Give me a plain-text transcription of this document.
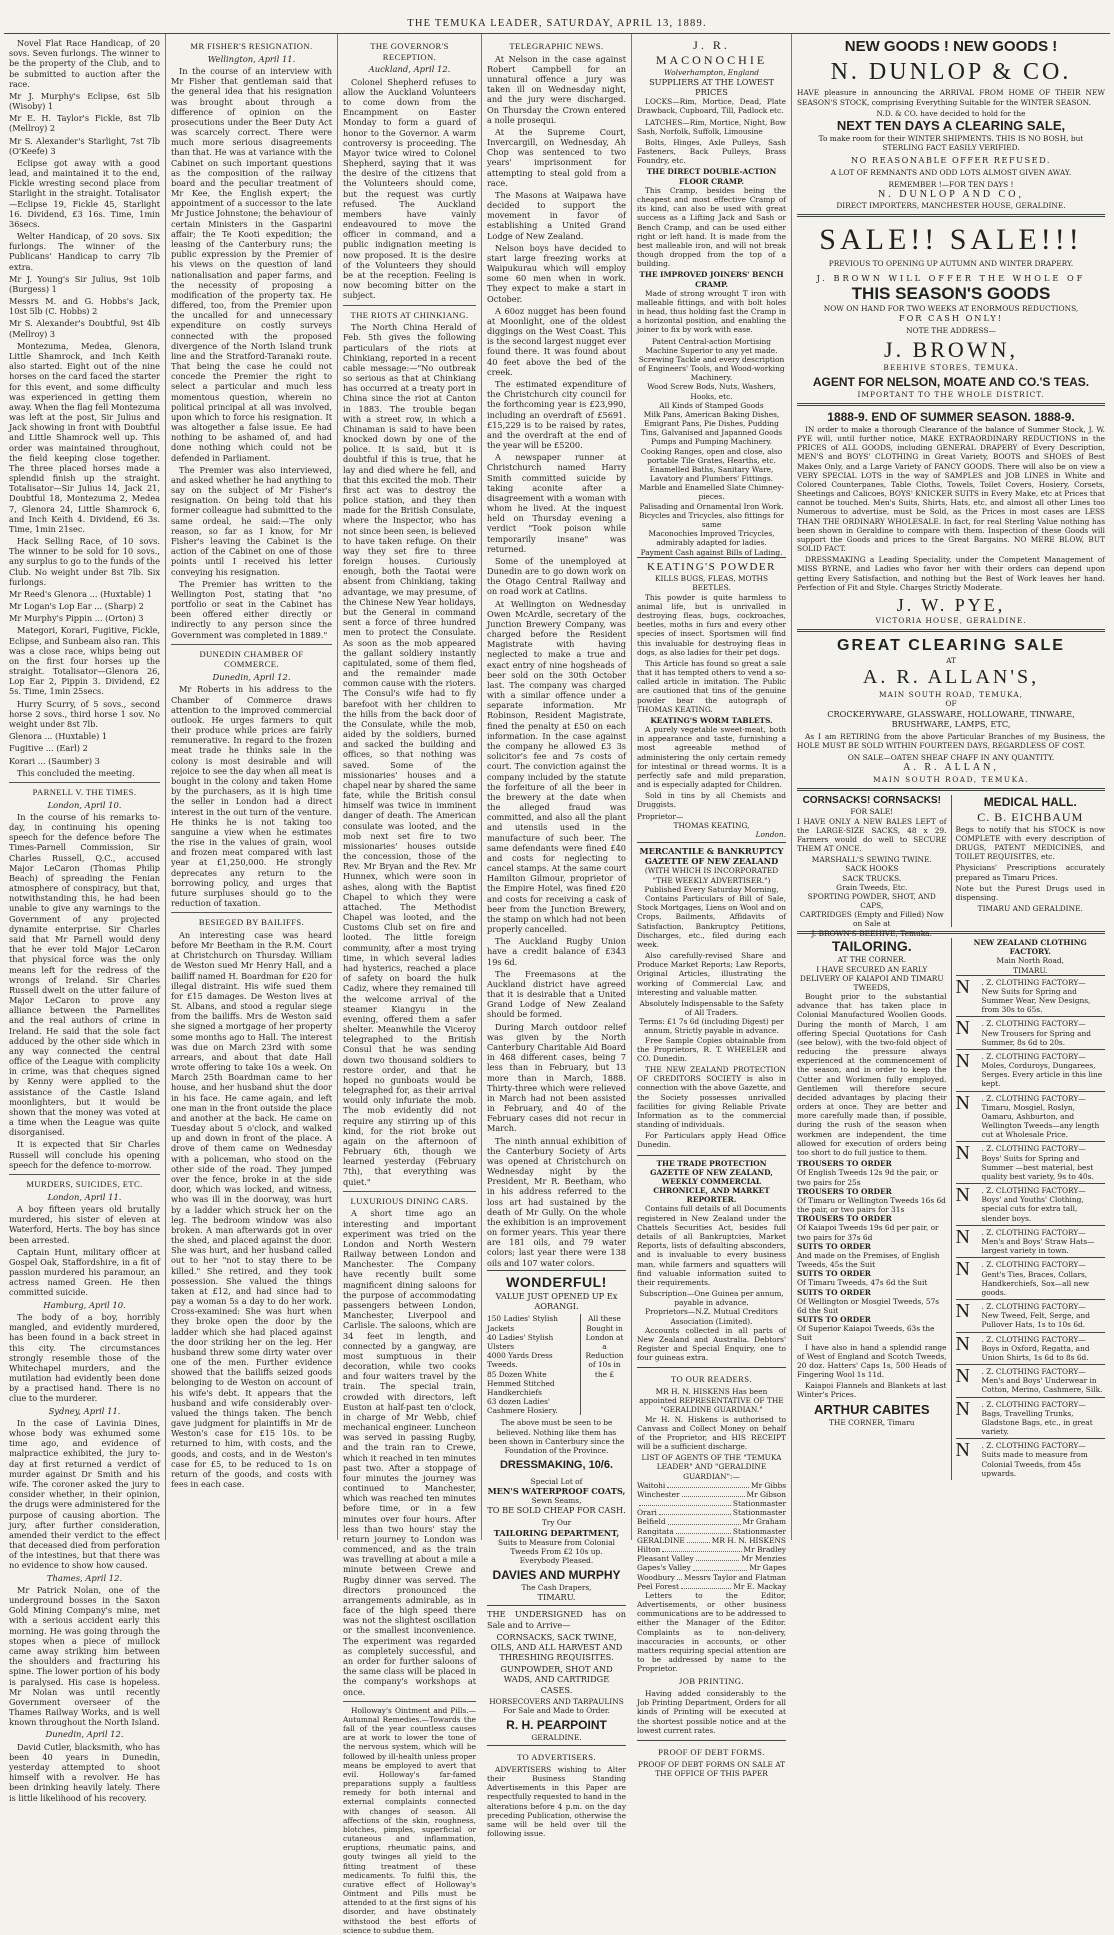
THE TEMUKA LEADER, SATURDAY, APRIL 13, 1889.

Novel Flat Race Handicap, of 20 sovs. Seven furlongs. The winner to be the property of the Club, and to be submitted to auction after the race.

Mr J. Murphy's Eclipse, 6st 5lb (Wisoby) 1

Mr E. H. Taylor's Fickle, 8st 7lb (Mellroy) 2

Mr S. Alexander's Starlight, 7st 7lb (O'Keefe) 3

Eclipse got away with a good lead, and maintained it to the end, Fickle wresting second place from Starlight in the straight. Totalisator—Eclipse 19, Fickle 45, Starlight 16. Dividend, £3 16s. Time, 1min 36secs.

Welter Handicap, of 20 sovs. Six furlongs. The winner of the Publicans' Handicap to carry 7lb extra.

Mr J. Young's Sir Julius, 9st 10lb (Burgess) 1

Messrs M. and G. Hobbs's Jack, 10st 5lb (C. Hobbs) 2

Mr S. Alexander's Doubtful, 9st 4lb (Mellroy) 3

Montezuma, Medea, Glenora, Little Shamrock, and Inch Keith also started. Eight out of the nine horses on the card faced the starter for this event, and some difficulty was experienced in getting them away. When the flag fell Montezuma was left at the post, Sir Julius and Jack showing in front with Doubtful and Little Shamrock well up. This order was maintained throughout, the field keeping close together. The three placed horses made a splendid finish up the straight. Totalisator—Sir Julius 14, Jack 21, Doubtful 18, Montezuma 2, Medea 7, Glenora 24, Little Shamrock 6, and Inch Keith 4. Dividend, £6 3s. Time, 1min 21sec.

Hack Selling Race, of 10 sovs. The winner to be sold for 10 sovs., any surplus to go to the funds of the Club. No weight under 8st 7lb. Six furlongs.

Mr Reed's Glenora ... (Huxtable) 1

Mr Logan's Lop Ear ... (Sharp) 2

Mr Murphy's Pippin ... (Orton) 3

Mategori, Korari, Fugitive, Fickle, Eclipse, and Sunbeam also ran. This was a close race, whips being out on the first four horses up the straight. Totalisator—Glenora 26, Lop Ear 2, Pippin 3. Dividend, £2 5s. Time, 1min 25secs.

Hurry Scurry, of 5 sovs., second horse 2 sovs., third horse 1 sov. No weight under 8st 7lb.

Glenora ... (Huxtable) 1

Fugitive ... (Earl) 2

Korari ... (Saumber) 3

This concluded the meeting.

PARNELL V. THE TIMES.
London, April 10.

In the course of his remarks to-day, in continuing his opening speech for the defence before The Times-Parnell Commission, Sir Charles Russell, Q.C., accused Major LeCaron (Thomas Philip Beach) of spreading the Fenian atmosphere of conspiracy, but that, notwithstanding this, he had been unable to give any warnings to the Government of any projected dynamite enterprise. Sir Charles said that Mr Parnell would deny that he ever told Major LeCaron that physical force was the only means left for the redress of the wrongs of Ireland. Sir Charles Russell dwelt on the utter failure of Major LeCaron to prove any alliance between the Parnellites and the real authors of crime in Ireland. He said that the sole fact adduced by the other side which in any way connected the central office of the League with complicity in crime, was that cheques signed by Kenny were applied to the assistance of the Castle Island moonlighters, but it would be shown that the money was voted at a time when the League was quite disorganised.

It is expected that Sir Charles Russell will conclude his opening speech for the defence to-morrow.

MURDERS, SUICIDES, ETC.
London, April 11.

A boy fifteen years old brutally murdered, his sister of eleven at Waterford, Herts. The boy has since been arrested.

Captain Hunt, military officer at Gospel Oak, Staffordshire, in a fit of passion murdered his paramour, an actress named Green. He then committed suicide.

Hamburg, April 10.

The body of a boy, horribly mangled, and evidently murdered, has been found in a back street in this city. The circumstances strongly resemble those of the Whitechapel murders, and the mutilation had evidently been done by a practised hand. There is no clue to the murderer.

Sydney, April 11.

In the case of Lavinia Dines, whose body was exhumed some time ago, and evidence of malpractice exhibited, the jury to-day at first returned a verdict of murder against Dr Smith and his wife. The coroner asked the jury to consider whether, in their opinion, the drugs were administered for the purpose of causing abortion. The jury, after further consideration, amended their verdict to the effect that deceased died from perforation of the intestines, but that there was no evidence to show how caused.

Thames, April 12.

Mr Patrick Nolan, one of the underground bosses in the Saxon Gold Mining Company's mine, met with a serious accident early this morning. He was going through the stopes when a piece of mullock came away striking him between the shoulders and fracturing his spine. The lower portion of his body is paralysed. His case is hopeless. Mr Nolan was until recently Government overseer of the Thames Railway Works, and is well known throughout the North Island.

Dunedin, April 12.

David Cutler, blacksmith, who has been 40 years in Dunedin, yesterday attempted to shoot himself with a revolver. He has been drinking heavily lately. There is little likelihood of his recovery.

MR FISHER'S RESIGNATION.
Wellington, April 11.

In the course of an interview with Mr Fisher that gentleman said that the general idea that his resignation was brought about through a difference of opinion on the prosecutions under the Beer Duty Act was scarcely correct. There were much more serious disagreements than that. He was at variance with the Cabinet on such important questions as the composition of the railway board and the peculiar treatment of Mr Kee, the English expert; the appointment of a successor to the late Mr Justice Johnstone; the behaviour of certain Ministers in the Gasparini affair; the Te Kooti expedition; the leasing of the Canterbury runs; the public expression by the Premier of his views on the question of land nationalisation and paper farms, and the necessity of proposing a modification of the property tax. He differed, too, from the Premier upon the uncalled for and unnecessary expenditure on costly surveys connected with the proposed divergence of the North Island trunk line and the Stratford-Taranaki route. That being the case he could not concede the Premier the right to select a particular and much less momentous question, wherein no political principal at all was involved, upon which to force his resignation. It was altogether a false issue. Ee had nothing to be ashamed of, and had done nothing which could not be defended in Parliament.

The Premier was also interviewed, and asked whether he had anything to say on the subject of Mr Fisher's resignation. On being told that his former colleague had submitted to the same ordeal, he said:—The only reason, so far as I know, for Mr Fisher's leaving the Cabinet is the action of the Cabinet on one of those points until I received his letter conveying his resignation.

The Premier has written to the Wellington Post, stating that "no portfolio or seat in the Cabinet has been offered either directly or indirectly to any person since the Government was completed in 1889."

DUNEDIN CHAMBER OF COMMERCE.
Dunedin, April 12.

Mr Roberts in his address to the Chamber of Commerce draws attention to the improved commercial outlook. He urges farmers to quit their produce while prices are fairly remunerative. In regard to the frozen meat trade he thinks sale in the colony is most desirable and will rejoice to see the day when all meat is bought in the colony and taken Home by the purchasers, as it is high time the seller in London had a direct interest in the out turn of the venture. He thinks he is not taking too sanguine a view when he estimates the rise in the values of grain, wool and frozen meat compared with last year at £1,250,000. He strongly deprecates any return to the borrowing policy, and urges that future surpluses should go to the reduction of taxation.

BESIEGED BY BAILIFFS.

An interesting case was heard before Mr Beetham in the R.M. Court at Christchurch on Thursday. William de Weston sued Mr Henry Hall, and a bailiff named H. Boardman for £20 for illegal distraint. His wife sued them for £15 damages. De Weston lives at St. Albans, and stood a regular siege from the bailiffs. Mrs de Weston said she signed a mortgage of her property some months ago to Hall. The interest was due on March 23rd with some arrears, and about that date Hall wrote offering to take 10s a week. On March 25th Boardman came to her house, and her husband shut the door in his face. He came again, and left one man in the front outside the place and another at the back. He came on Tuesday about 5 o'clock, and walked up and down in front of the place. A drove of them came on Wednesday with a policeman, who stood on the other side of the road. They jumped over the fence, broke in at the side door, which was locked, and witness, who was ill in the doorway, was hurt by a ladder which struck her on the leg. The bedroom window was also broken. A man afterwards got in over the shed, and placed against the door. She was hurt, and her husband called out to her "not to stay there to be killed." She retired, and they took possession. She valued the things taken at £12, and had since had to pay a woman 5s a day to do her work. Cross-examined: She was hurt when they broke open the door by the ladder which she had placed against the door striking her on the leg. Her husband threw some dirty water over one of the men. Further evidence showed that the bailiffs seized goods belonging to de Weston on account of his wife's debt. It appears that the husband and wife considerably over-valued the things taken. The bench gave judgment for plaintiffs in Mr de Weston's case for £15 10s. to be returned to him, with costs, and the goods, and costs, and in de Weston's case for £5, to be reduced to 1s on return of the goods, and costs with fees in each case.

THE GOVERNOR'S RECEPTION.
Auckland, April 12.

Colonel Shepherd refuses to allow the Auckland Volunteers to come down from the Encampment on Easter Monday to form a guard of honor to the Governor. A warm controversy is proceeding. The Mayor twice wired to Colonel Shepherd, saying that it was the desire of the citizens that the Volunteers should come, but the request was curtly refused. The Auckland members have vainly endeavoured to move the officer in command, and a public indignation meeting is now proposed. It is the desire of the Volunteers they should be at the reception. Feeling is now becoming bitter on the subject.

THE RIOTS AT CHINKIANG.

The North China Herald of Feb. 5th gives the following particulars of the riots at Chinkiang, reported in a recent cable message:—"No outbreak so serious as that at Chinkiang has occurred at a treaty port in China since the riot at Canton in 1883. The trouble began with a street row, in which a Chinaman is said to have been knocked down by one of the police. It is said, but it is doubtful if this is true, that he lay and died where he fell, and that this excited the mob. Their first act was to destroy the police station, and they then made for the British Consulate, where the Inspector, who has not since been seen, is believed to have taken refuge. On their way they set fire to three foreign houses. Curiously enough, both the Taotai were absent from Chinkiang, taking advantage, we may presume, of the Chinese New Year holidays, but the General in command sent a force of three hundred men to protect the Consulate. As soon as the mob appeared the gallant soldiery instantly capitulated, some of them fled, and the remainder made common cause with the rioters. The Consul's wife had to fly barefoot with her children to the hills from the back door of the Consulate, while the mob, aided by the soldiers, burned and sacked the building and offices, so that nothing was saved. Some of the missionaries' houses and a chapel near by shared the same fate, while the British consul himself was twice in imminent danger of death. The American consulate was looted, and the mob next set fire to two missionaries' houses outside the concession, those of the Rev. Mr Bryan and the Rev. Mr Hunnex, which were soon in ashes, along with the Baptist Chapel to which they were attached. The Methodist Chapel was looted, and the Customs Club set on fire and looted. The little foreign community, after a most trying time, in which several ladies had hysterics, reached a place of safety on board the hulk Cadiz, where they remained till the welcome arrival of the steamer Kiangyu in the evening, offered them a safer shelter. Meanwhile the Viceroy telegraphed to the British Consul that he was sending down two thousand soldiers to restore order, and that he hoped no gunboats would be telegraphed for, as their arrival would only infuriate the mob. The mob evidently did not require any stirring up of this kind, for the riot broke out again on the afternoon of February 6th, though we learned yesterday (February 7th), that everything was quiet."

LUXURIOUS DINING CARS.

A short time ago an interesting and important experiment was tried on the London and North Western Railway between London and Manchester. The Company have recently built some magnificent dining saloons for the purpose of accommodating passengers between London, Manchester, Liverpool and Carlisle. The saloons, which are 34 feet in length, and connected by a gangway, are most sumptuous in their decoration, while two cooks and four waiters travel by the train. The special train, crowded with directors, left Euston at half-past ten o'clock, in charge of Mr Webb, chief mechanical engineer. Luncheon was served in passing Rugby, and the train ran to Crewe, which it reached in ten minutes past two. After a stoppage of four minutes the journey was continued to Manchester, which was reached ten minutes before time, or in a few minutes over four hours. After less than two hours' stay the return journey to London was commenced, and as the train was travelling at about a mile a minute between Crewe and Rugby dinner was served. The directors pronounced the arrangements admirable, as in face of the high speed there was not the slightest oscillation or the smallest inconvenience. The experiment was regarded as completely successful, and an order for further saloons of the same class will be placed in the company's workshops at once.

Holloway's Ointment and Pills.—Autumnal Remedies.—Towards the fall of the year countless causes are at work to lower the tone of the nervous system, which will be followed by ill-health unless proper means be employed to avert that evil. Holloway's far-famed preparations supply a faultless remedy for both internal and external complaints connected with changes of season. All affections of the skin, roughness, blotches, pimples, superficial or cutaneous and inflammation, eruptions, rheumatic pains, and gouty twinges all yield to the fitting treatment of these medicaments. To fulfil this, the curative effect of Holloway's Ointment and Pills must be attended to at the first signs of his disorder, and have obstinately withstood the best efforts of science to subdue them.

TELEGRAPHIC NEWS.

At Nelson in the case against Robert Campbell for an unnatural offence a jury was taken ill on Wednesday night, and the jury were discharged. On Thursday the Crown entered a nolle prosequi.

At the Supreme Court, Invercargill, on Wednesday, Ah Chop was sentenced to two years' imprisonment for attempting to steal gold from a race.

The Masons at Waipawa have decided to support the movement in favor of establishing a United Grand Lodge of New Zealand.

Nelson boys have decided to start large freezing works at Waipukurau which will employ some 60 men when in work. They expect to make a start in October.

A 60oz nugget has been found at Moonlight, one of the oldest diggings on the West Coast. This is the second largest nugget ever found there. It was found about 40 feet above the bed of the creek.

The estimated expenditure of the Christchurch city council for the forthcoming year is £23,990, including an overdraft of £5691. £15,229 is to be raised by rates, and the overdraft at the end of the year will be £5200.

A newspaper runner at Christchurch named Harry Smith committed suicide by taking aconite after a disagreement with a woman with whom he lived. At the inquest held on Thursday evening a verdict "Took poison while temporarily insane" was returned.

Some of the unemployed at Dunedin are to go down work on the Otago Central Railway and on road work at Catlins.

At Wellington on Wednesday Owen McArdle, secretary of the Junction Brewery Company, was charged before the Resident Magistrate with having neglected to make a true and exact entry of nine hogsheads of beer sold on the 30th October last. The company was charged with a similar offence under a separate information. Mr Robinson, Resident Magistrate, fined the penalty at £50 on each information. In the case against the company he allowed £3 3s solicitor's fee and 7s costs of court. The conviction against the company included by the statute the forfeiture of all the beer in the brewery at the date when the alleged fraud was committed, and also all the plant and utensils used in the manufacture of such beer. The same defendants were fined £40 and costs for neglecting to cancel stamps. At the same court Hamilton Gilmour, proprietor of the Empire Hotel, was fined £20 and costs for receiving a cask of beer from the Junction Brewery, the stamp on which had not been properly cancelled.

The Auckland Rugby Union have a credit balance of £343 19s 6d.

The Freemasons at the Auckland district have agreed that it is desirable that a United Grand Lodge of New Zealand should be formed.

During March outdoor relief was given by the North Canterbury Charitable Aid Board in 468 different cases, being 7 less than in February, but 13 more than in March, 1888. Thirty-three which were relieved in March had not been assisted in February, and 40 of the February cases did not recur in March.

The ninth annual exhibition of the Canterbury Society of Arts was opened at Christchurch on Wednesday night by the President, Mr R. Beetham, who in his address referred to the loss art had sustained by the death of Mr Gully. On the whole the exhibition is an improvement on former years. This year there are 181 oils, and 79 water colors; last year there were 138 oils and 107 water colors.

WONDERFUL!
VALUE JUST OPENED UP Ex AORANGI.
150 Ladies' Stylish Jackets
40 Ladies' Stylish Ulsters
4000 Yards Dress Tweeds.
85 Dozen White Hemmed Stitched Handkerchiefs
63 dozen Ladies' Cashmere Hosiery.
All these Bought in London at a Reduction of 10s in the £
The above must be seen to be believed. Nothing like them has been shown in Canterbury since the Foundation of the Province.
DRESSMAKING, 10/6.
Special Lot of
MEN'S WATERPROOF COATS,
Sewn Seams,
TO BE SOLD CHEAP FOR CASH.
Try Our
TAILORING DEPARTMENT,
Suits to Measure from Colonial Tweeds From £2 10s up.
Everybody Pleased.
DAVIES AND MURPHY
The Cash Drapers,
TIMARU.

THE UNDERSIGNED has on Sale and to Arrive—

CORNSACKS, SACK TWINE, OILS, AND ALL HARVEST AND THRESHING REQUISITES.
GUNPOWDER, SHOT AND WADS, AND CARTRIDGE CASES.
HORSECOVERS AND TARPAULINS For Sale and Made to Order.
R. H. PEARPOINT
GERALDINE.
TO ADVERTISERS.

ADVERTISERS wishing to Alter their Business Standing Advertisements in this Paper are respectfully requested to hand in the alterations before 4 p.m. on the day preceding Publication, otherwise the same will be held over till the following issue.

J. R. MACONOCHIE
Wolverhampton, England
SUPPLIERS AT THE LOWEST PRICES

LOCKS—Rim, Mortice, Dead, Plate Drawback, Cupboard, Till, Padlock etc.

LATCHES—Rim, Mortice, Night, Bow Sash, Norfolk, Suffolk, Limousine

Bolts, Hinges, Axle Pulleys, Sash Fasteners, Back Pulleys, Brass Foundry, etc.

THE DIRECT DOUBLE-ACTION FLOOR CRAMP.

This Cramp, besides being the cheapest and most effective Cramp of its kind, can also be used with great success as a Lifting Jack and Sash or Bench Cramp, and can be used either right or left hand. It is made from the best malleable iron, and will not break though dropped from the top of a building.

THE IMPROVED JOINERS' BENCH CRAMP.

Made of strong wrought T iron with malleable fittings, and with bolt holes in head, thus holding fast the Cramp in a horizontal position, and enabling the joiner to fix by work with ease.

Patent Central-action Mortising Machine Superior to any yet made.
Screwing Tackle and every description of Engineers' Tools, and Wood-working Machinery.
Wood Screw Bods, Nuts, Washers, Hooks, etc.
All Kinds of Stamped Goods
Milk Pans, American Baking Dishes, Emigrant Pans, Pie Dishes, Pudding Tins, Galvanised and Japanned Goods
Pumps and Pumping Machinery.
Cooking Ranges, open and close, also portable Tile Grates, Hearths, etc.
Enamelled Baths, Sanitary Ware, Lavatory and Plumbers' Fittings.
Marble and Enamelled Slate Chimney-pieces.
Palisading and Ornamental Iron Work.
Bicycles and Tricycles, also fittings for same
Maconochies Improved Tricycles, admirably adapted for ladies.
Payment Cash against Bills of Lading.
KEATING'S POWDER
KILLS BUGS, FLEAS, MOTHS BEETLES.

This powder is quite harmless to animal life, but is unrivalled in destroying fleas, bugs, cockroaches, beetles, moths in furs and every other species of insect. Sportsmen will find this invaluable for destroying fleas in dogs, as also ladies for their pet dogs.

This Article has found so great a sale that it has tempted others to vend a so-called article in imitation. The Public are cautioned that tins of the genuine powder bear the autograph of THOMAS KEATING.

KEATING'S WORM TABLETS.

A purely vegetable sweet-meat, both in appearance and taste, furnishing a most agreeable method of administering the only certain remedy for intestinal or thread worms. It is a perfectly safe and mild preparation, and is especially adapted for Children.

Sold in tins by all Chemists and Druggists.

Proprietor—
THOMAS KEATING,
London.
MERCANTILE & BANKRUPTCY GAZETTE OF NEW ZEALAND
(WITH WHICH IS INCORPORATED "THE WEEKLY ADVERTISER.")
Published Every Saturday Morning,

Contains Particulars of Bill of Sale, Stock Mortgages, Liens on Wool and on Crops, Bailments, Affidavits of Satisfaction, Bankruptcy Petitions, Discharges, etc., filed during each week.

Also carefully-revised Share and Produce Market Reports; Law Reports, Original Articles, illustrating the working of Commercial Law, and interesting and valuable matter.

Absolutely Indispensable to the Safety of All Traders.
Terms: £1 7s 6d (including Digest) per annum, Strictly payable in advance.

Free Sample Copies obtainable from the Proprietors, R. T. WHEELER and CO. Dunedin.

THE NEW ZEALAND PROTECTION OF CREDITORS SOCIETY is also in connection with the above Gazette, and the Society possesses unrivalled facilities for giving Reliable Private Information as to the commercial standing of individuals.

For Particulars apply Head Office Dunedin.

THE TRADE PROTECTION GAZETTE OF NEW ZEALAND, WEEKLY COMMERCIAL CHRONICLE, AND MARKET REPORTER.

Contains full details of all Documents registered in New Zealand under the Chattels Securities Act, besides full details of all Bankruptcies, Market Reports, lists of defaulting absconders, and is invaluable to every business man, while farmers and squatters will find valuable information suited to their requirements.

Subscription—One Guinea per annum, payable in advance.
Proprietors—N.Z. Mutual Creditors Association (Limited).

Accounts collected in all parts of New Zealand and Australia. Debtors' Register and Special Enquiry, one to four guineas extra.

TO OUR READERS.
MR H. N. HISKENS Has been appointed REPRESENTATIVE OF THE "GERALDINE GUARDIAN."

Mr H. N. Hiskens is authorised to Canvass and Collect Money on behalf of the Proprietor, and HIS RECEIPT will be a sufficient discharge.

LIST OF AGENTS OF THE "TEMUKA LEADER" AND "GERALDINE GUARDIAN":—
Waitohi	Mr Gibbs
Winchester	Mr Gibson
Stationmaster
Orari	Stationmaster
Belfield	Mr Graham
Rangitata	Stationmaster
GERALDINE	MR H. N. HISKENS
Hilton	Mr Bradley
Pleasant Valley	Mr Menzies
Gapes's Valley	Mr Gapes
Woodbury Messrs Taylor and Flatman
Peel Forest	Mr E. Mackay

Letters to the Editor, Advertisements, or other business communications are to be addressed to either the Manager of the Editor. Complaints as to non-delivery, inaccuracies in accounts, or other matters requiring special attention are to be addressed by name to the Proprietor.

JOB PRINTING.

Having added considerably to the Job Printing Department, Orders for all kinds of Printing will be executed at the shortest possible notice and at the lowest current rates.

PROOF OF DEBT FORMS.
PROOF OF DEBT FORMS ON SALE AT THE OFFICE OF THIS PAPER
NEW GOODS ! NEW GOODS !
N. DUNLOP & CO.

HAVE pleasure in announcing the ARRIVAL FROM HOME OF THEIR NEW SEASON'S STOCK, comprising Everything Suitable for the WINTER SEASON.

N.D. & CO. have decided to hold for the
NEXT TEN DAYS A CLEARING SALE,
To make room for their WINTER SHIPMENTS. THIS IS NO BOSH, but STERLING FACT EASILY VERIFIED.
NO REASONABLE OFFER REFUSED.
A LOT OF REMNANTS AND ODD LOTS ALMOST GIVEN AWAY.
REMEMBER !—FOR TEN DAYS !
N. DUNLOP AND CO,
DIRECT IMPORTERS, MANCHESTER HOUSE, GERALDINE.
SALE!! SALE!!!
PREVIOUS TO OPENING UP AUTUMN AND WINTER DRAPERY.
J. BROWN WILL OFFER THE WHOLE OF
THIS SEASON'S GOODS
NOW ON HAND FOR TWO WEEKS AT ENORMOUS REDUCTIONS,
FOR CASH ONLY!
NOTE THE ADDRESS—
J. BROWN,
BEEHIVE STORES, TEMUKA.
AGENT FOR NELSON, MOATE AND CO.'S TEAS.
IMPORTANT TO THE WHOLE DISTRICT.
1888-9. END OF SUMMER SEASON. 1888-9.

IN order to make a thorough Clearance of the balance of Summer Stock, J. W. PYE will, until further notice, MAKE EXTRAORDINARY REDUCTIONS in the PRICES of ALL GOODS, including GENERAL DRAPERY of Every Description, MEN'S and BOYS' CLOTHING in Great Variety, BOOTS and SHOES of Best Makes Only, and a Large Variety of FANCY GOODS. There will also be on view a VERY SPECIAL LOTS in the way of SAMPLES and JOB LINES in White and Colored Counterpanes, Table Cloths, Towels, Toilet Covers, Hosiery, Corsets, Sheetings and Calicoes, BOYS' KNICKER SUITS in Every Make, etc at Prices that cannot be touched. Men's Suits, Shirts, Hats, etc, and almost all other Lines too Numerous to advertise, must be Sold, as the Prices in most cases are LESS THAN THE ORDINARY WHOLESALE. In fact, for real Sterling Value nothing has been shown in Geraldine to compare with them. Inspection of these Goods will support the Goods and prices to the Great Bargains. NO MERE BLOW, BUT SOLID FACT.

DRESSMAKING a Leading Speciality, under the Competent Management of MISS BYRNE, and Ladies who favor her with their orders can depend upon getting Every Satisfaction, and nothing but the Best of Work leaves her hand. Perfection of Fit and Style. Charges Strictly Moderate.

J. W. PYE,
VICTORIA HOUSE, GERALDINE.
GREAT CLEARING SALE
AT
A. R. ALLAN'S,
MAIN SOUTH ROAD, TEMUKA,
OF
CROCKERYWARE, GLASSWARE, HOLLOWARE, TINWARE, BRUSHWARE, LAMPS, ETC,

As I am RETIRING from the above Particular Branches of my Business, the HOLE MUST BE SOLD WITHIN FOURTEEN DAYS, REGARDLESS OF COST.

ON SALE—OATEN SHEAF CHAFF IN ANY QUANTITY.
A. R. ALLAN,
MAIN SOUTH ROAD, TEMUKA.
CORNSACKS! CORNSACKS!
FOR SALE!

I HAVE ONLY A NEW BALES LEFT of the LARGE-SIZE SACKS, 48 x 29. Farmers would do well to SECURE THEM AT ONCE.

MARSHALL'S SEWING TWINE.
SACK HOOKS
SACK TRUCKS.
Grain Tweeds, Etc.
SPORTING POWDER, SHOT, AND CAPS,
CARTRIDGES (Empty and Filled) Now on Sale at
J. BROWN'S BEEHIVE, Temuka.
MEDICAL HALL.
C. B. EICHBAUM

Begs to notify that his STOCK is now COMPLETE with every description of DRUGS, PATENT MEDICINES, and TOILET REQUISITES, etc.

Physicians' Prescriptions accurately prepared as Timaru Prices.

Note but the Purest Drugs used in dispensing.

TIMARU AND GERALDINE.
TAILORING.
AT THE CORNER.
I HAVE SECURED AN EARLY DELIVERY OF KAIAPOI AND TIMARU TWEEDS,

Bought prior to the substantial advance that has taken place in Colonial Manufactured Woollen Goods. During the month of March, I am offering Special Quotations for Cash (see below), with the two-fold object of reducing the pressure always experienced at the commencement of the season, and in order to keep the Cutter and Workmen fully employed. Gentlemen will therefore secure decided advantages by placing their orders at once. They are better and more carefully made than, if possible, during the rush of the season when workmen are independent, the time allowed for execution of orders being too short to do full justice to them.

TROUSERS TO ORDER
Of English Tweeds 12s 9d the pair, or two pairs for 25s
TROUSERS TO ORDER
Of Timaru or Wellington Tweeds 16s 6d the pair, or two pairs for 31s
TROUSERS TO ORDER
Of Kaiapoi Tweeds 19s 6d per pair, or two pairs for 37s 6d
SUITS TO ORDER
And made on the Premises, of English Tweeds, 45s the Suit
SUITS TO ORDER
Of Timaru Tweeds, 47s 6d the Suit
SUITS TO ORDER
Of Wellington or Mosgiel Tweeds, 57s 6d the Suit
SUITS TO ORDER
Of Superior Kaiapoi Tweeds, 63s the Suit

I have also in hand a splendid range of West of England and Scotch Tweeds, 20 doz. Hatters' Caps 1s, 500 Heads of Fingering Wool 1s 11d.

Kaiapoi Flannels and Blankets at last Winter's Prices.

ARTHUR CABITES
THE CORNER, Timaru
NEW ZEALAND CLOTHING FACTORY.
Main North Road,
TIMARU.
N . Z. CLOTHING FACTORY— New Suits for Spring and Summer Wear, New Designs, from 30s to 65s.
N . Z. CLOTHING FACTORY— New Trousers for Spring and Summer, 8s 6d to 20s.
N . Z. CLOTHING FACTORY— Moles, Corduroys, Dungarees, Serges. Every article in this line kept.
N . Z. CLOTHING FACTORY— Timaru, Mosgiel, Roslyn, Oamaru, Ashburton, and Wellington Tweeds—any length cut at Wholesale Price.
N . Z. CLOTHING FACTORY— Boys' Suits for Spring and Summer —best material, best quality best variety, 9s to 40s.
N . Z. CLOTHING FACTORY— Boys' and Youths' Clothing, special cuts for extra tall, slender boys.
N . Z. CLOTHING FACTORY— Men's and Boys' Straw Hats— largest variety in town.
N . Z. CLOTHING FACTORY— Gent's Ties, Braces, Collars, Handkerchiefs, Sox—all new goods.
N . Z. CLOTHING FACTORY— New Tweed, Felt, Serge, and Pullover Hats, 1s to 10s 6d.
N . Z. CLOTHING FACTORY— Boys in Oxford, Regatta, and Union Shirts, 1s 6d to 8s 6d.
N . Z. CLOTHING FACTORY— Men's and Boys' Underwear in Cotton, Merino, Cashmere, Silk.
N . Z. CLOTHING FACTORY— Bags, Travelling Trunks, Gladstone Bags, etc., in great variety.
N . Z. CLOTHING FACTORY— Suits made to measure from Colonial Tweeds, from 45s upwards.
